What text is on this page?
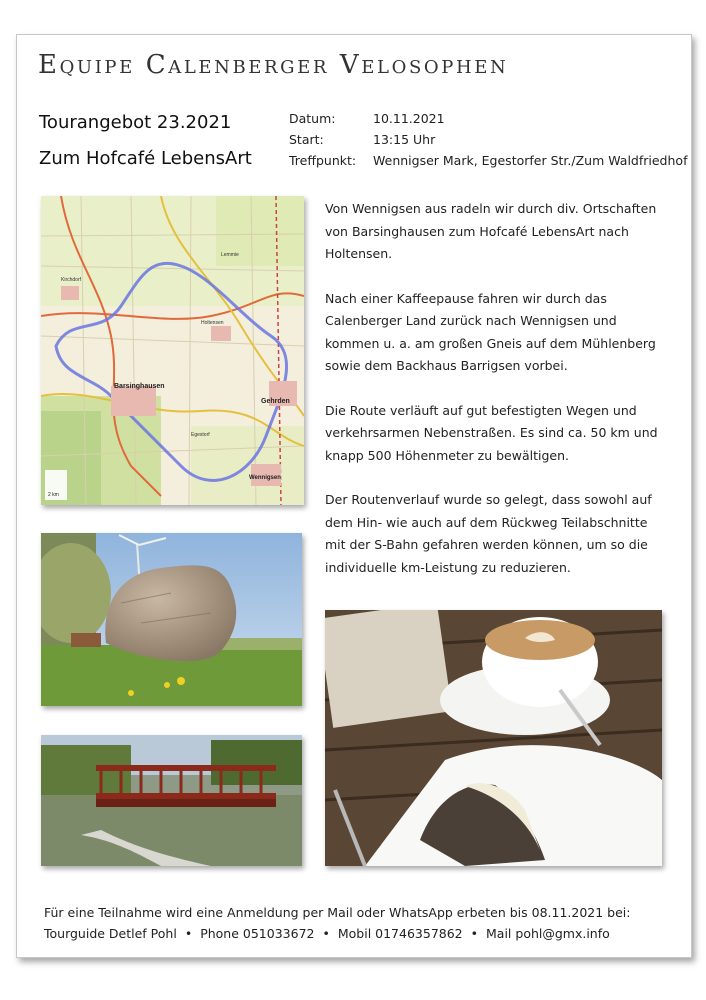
Equipe Calenberger Velosophen
Tourangebot 23.2021
Zum Hofcafé LebensArt
Datum:	10.11.2021
Start:	13:15 Uhr
Treffpunkt:	Wennigser Mark, Egestorfer Str./Zum Waldfriedhof
Barsinghausen
Gehrden
Wennigsen
Holtensen
Egestorf
Kirchdorf
Lemmie
2 km

Von Wennigsen aus radeln wir durch div. Ortschaften von Barsinghausen zum Hofcafé LebensArt nach Holtensen.

Nach einer Kaffeepause fahren wir durch das Calenberger Land zurück nach Wennigsen und kommen u. a. am großen Gneis auf dem Mühlenberg sowie dem Backhaus Barrigsen vorbei.

Die Route verläuft auf gut befestigten Wegen und verkehrsarmen Nebenstraßen. Es sind ca. 50 km und knapp 500 Höhenmeter zu bewältigen.

Der Routenverlauf wurde so gelegt, dass sowohl auf dem Hin- wie auch auf dem Rückweg Teilabschnitte mit der S-Bahn gefahren werden können, um so die individuelle km-Leistung zu reduzieren.

Für eine Teilnahme wird eine Anmeldung per Mail oder WhatsApp erbeten bis 08.11.2021 bei:
Tourguide Detlef Pohl • Phone 051033672 • Mobil 01746357862 • Mail pohl@gmx.info
